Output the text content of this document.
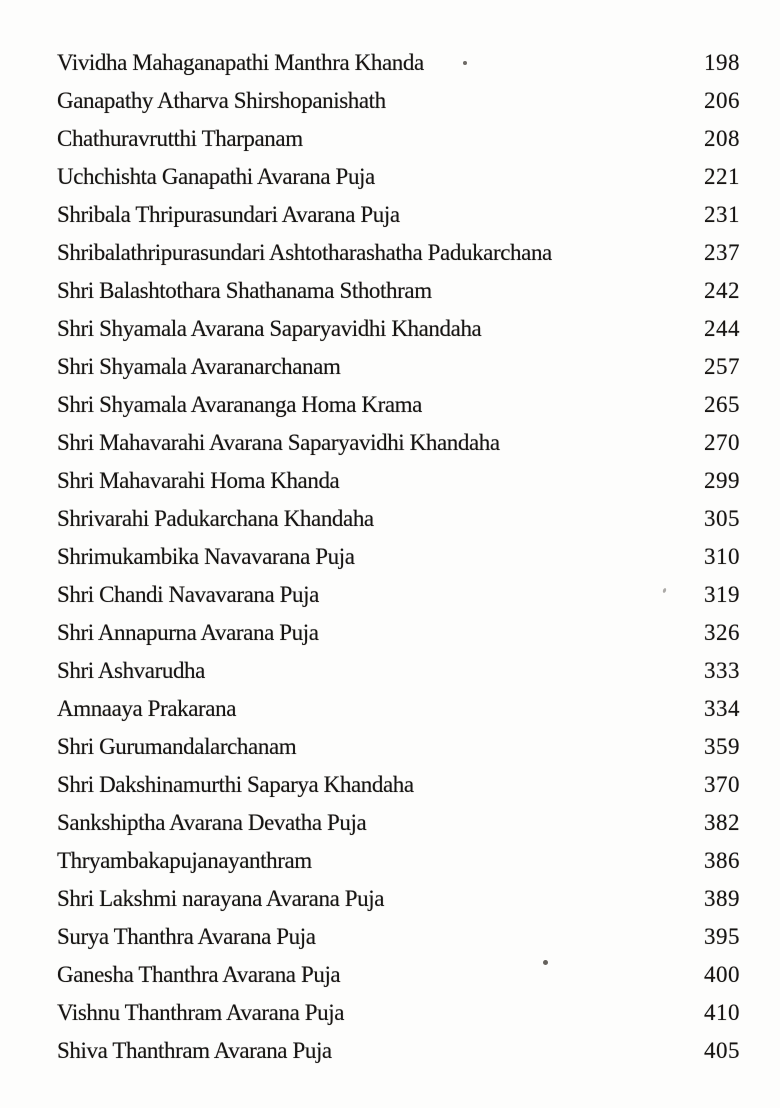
Vividha Mahaganapathi Manthra Khanda	198
Ganapathy Atharva Shirshopanishath	206
Chathuravrutthi Tharpanam	208
Uchchishta Ganapathi Avarana Puja	221
Shribala Thripurasundari Avarana Puja	231
Shribalathripurasundari Ashtotharashatha Padukarchana	237
Shri Balashtothara Shathanama Sthothram	242
Shri Shyamala Avarana Saparyavidhi Khandaha	244
Shri Shyamala Avaranarchanam	257
Shri Shyamala Avarananga Homa Krama	265
Shri Mahavarahi Avarana Saparyavidhi Khandaha	270
Shri Mahavarahi Homa Khanda	299
Shrivarahi Padukarchana Khandaha	305
Shrimukambika Navavarana Puja	310
Shri Chandi Navavarana Puja	319
Shri Annapurna Avarana Puja	326
Shri Ashvarudha	333
Amnaaya Prakarana	334
Shri Gurumandalarchanam	359
Shri Dakshinamurthi Saparya Khandaha	370
Sankshiptha Avarana Devatha Puja	382
Thryambakapujanayanthram	386
Shri Lakshmi narayana Avarana Puja	389
Surya Thanthra Avarana Puja	395
Ganesha Thanthra Avarana Puja	400
Vishnu Thanthram Avarana Puja	410
Shiva Thanthram Avarana Puja	405
